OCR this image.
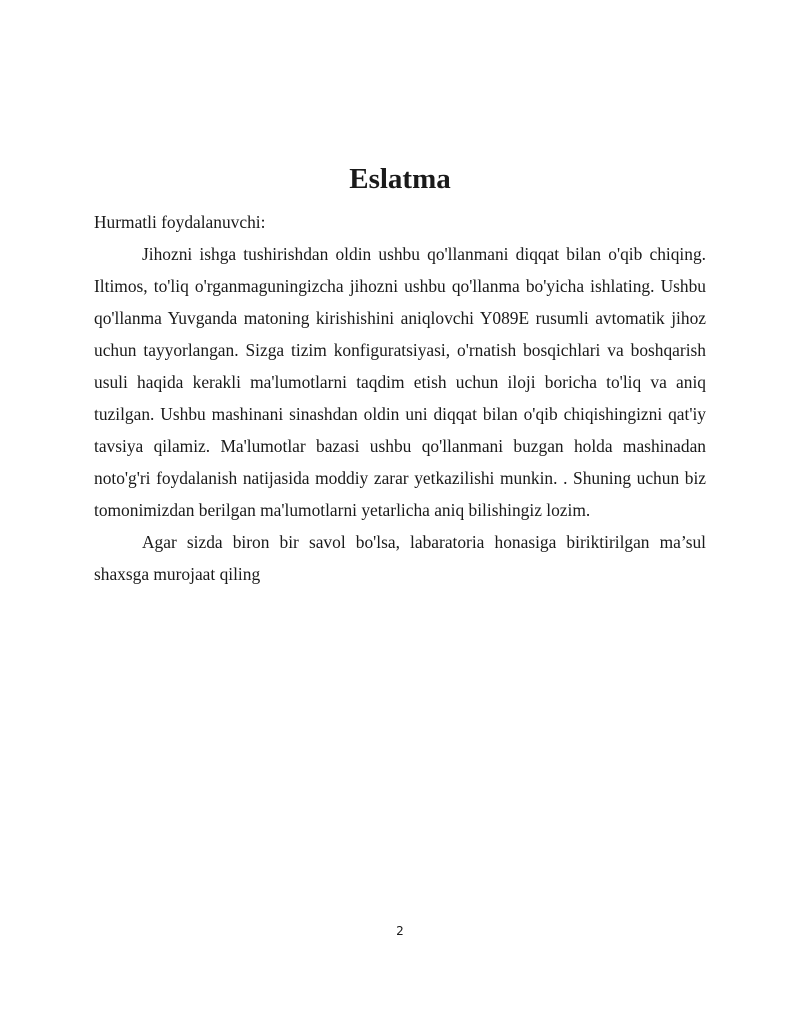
Eslatma

Hurmatli foydalanuvchi:

Jihozni ishga tushirishdan oldin ushbu qo'llanmani diqqat bilan o'qib chiqing. Iltimos, to'liq o'rganmaguningizcha jihozni ushbu qo'llanma bo'yicha ishlating. Ushbu qo'llanma Yuvganda matoning kirishishini aniqlovchi Y089E rusumli avtomatik jihoz uchun tayyorlangan. Sizga tizim konfiguratsiyasi, o'rnatish bosqichlari va boshqarish usuli haqida kerakli ma'lumotlarni taqdim etish uchun iloji boricha to'liq va aniq tuzilgan. Ushbu mashinani sinashdan oldin uni diqqat bilan o'qib chiqishingizni qat'iy tavsiya qilamiz. Ma'lumotlar bazasi ushbu qo'llanmani buzgan holda mashinadan noto'g'ri foydalanish natijasida moddiy zarar yetkazilishi munkin. . Shuning uchun biz tomonimizdan berilgan ma'lumotlarni yetarlicha aniq bilishingiz lozim.

Agar sizda biron bir savol bo'lsa, labaratoria honasiga biriktirilgan ma’sul shaxsga murojaat qiling

2
